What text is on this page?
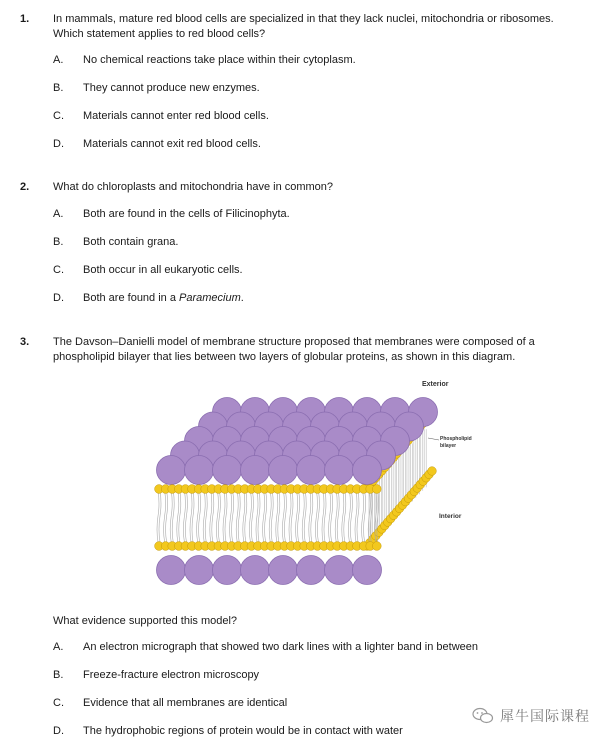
1. In mammals, mature red blood cells are specialized in that they lack nuclei, mitochondria or ribosomes. Which statement applies to red blood cells?
A. No chemical reactions take place within their cytoplasm.
B. They cannot produce new enzymes.
C. Materials cannot enter red blood cells.
D. Materials cannot exit red blood cells.
2. What do chloroplasts and mitochondria have in common?
A. Both are found in the cells of Filicinophyta.
B. Both contain grana.
C. Both occur in all eukaryotic cells.
D. Both are found in a Paramecium.
3. The Davson–Danielli model of membrane structure proposed that membranes were composed of a phospholipid bilayer that lies between two layers of globular proteins, as shown in this diagram.
Exterior
Phospholipid
bilayer
Interior
What evidence supported this model?
A. An electron micrograph that showed two dark lines with a lighter band in between
B. Freeze-fracture electron microscopy
C. Evidence that all membranes are identical
D. The hydrophobic regions of protein would be in contact with water
犀牛国际课程
